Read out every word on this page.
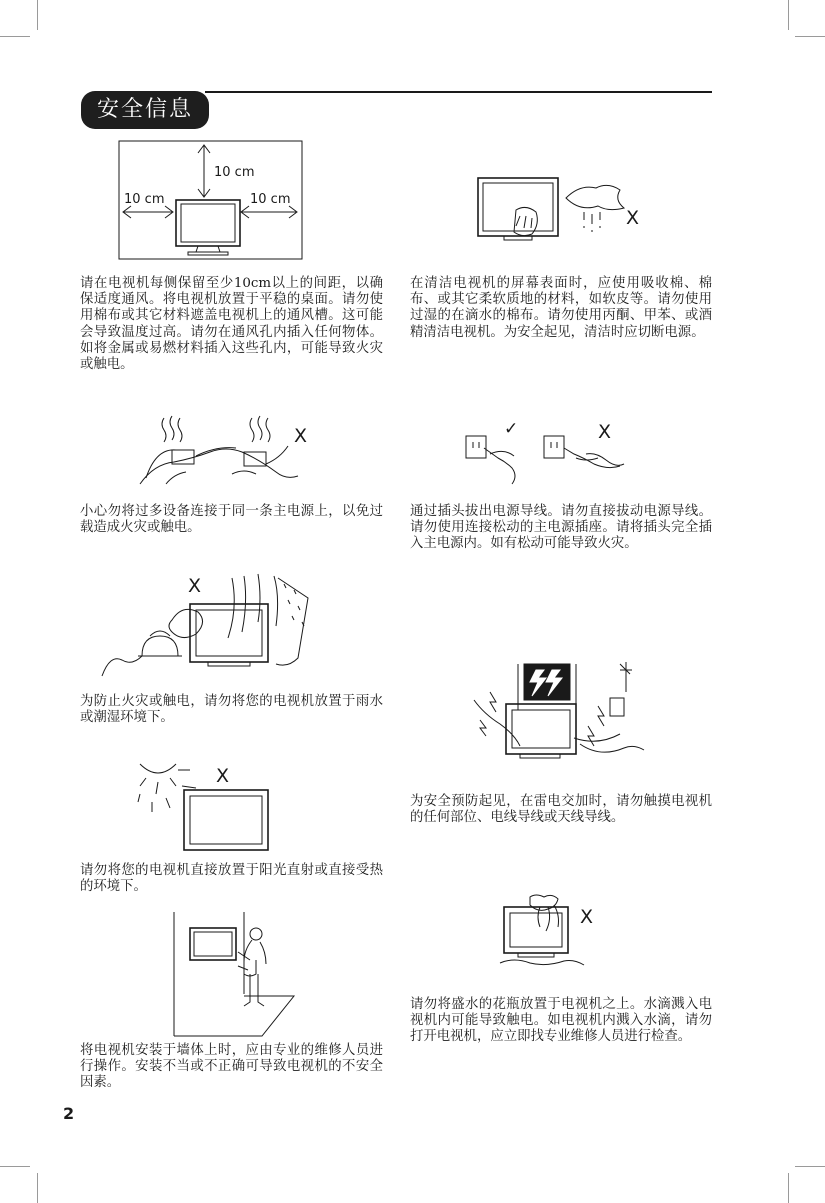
安全信息
10 cm
10 cm	10 cm
X
X	✓	X
X
X
X

请在电视机每侧保留至少10cm以上的间距，以确保适度通风。将电视机放置于平稳的桌面。请勿使用棉布或其它材料遮盖电视机上的通风槽。这可能会导致温度过高。请勿在通风孔内插入任何物体。如将金属或易燃材料插入这些孔内，可能导致火灾或触电。

在清洁电视机的屏幕表面时，应使用吸收棉、棉布、或其它柔软质地的材料，如软皮等。请勿使用过湿的在滴水的棉布。请勿使用丙酮、甲苯、或酒精清洁电视机。为安全起见，清洁时应切断电源。

小心勿将过多设备连接于同一条主电源上，以免过载造成火灾或触电。

通过插头拔出电源导线。请勿直接拔动电源导线。请勿使用连接松动的主电源插座。请将插头完全插入主电源内。如有松动可能导致火灾。

为防止火灾或触电，请勿将您的电视机放置于雨水或潮湿环境下。

为安全预防起见，在雷电交加时，请勿触摸电视机的任何部位、电线导线或天线导线。

请勿将您的电视机直接放置于阳光直射或直接受热的环境下。

请勿将盛水的花瓶放置于电视机之上。水滴溅入电视机内可能导致触电。如电视机内溅入水滴，请勿打开电视机，应立即找专业维修人员进行检查。

将电视机安装于墙体上时，应由专业的维修人员进行操作。安装不当或不正确可导致电视机的不安全因素。

2
